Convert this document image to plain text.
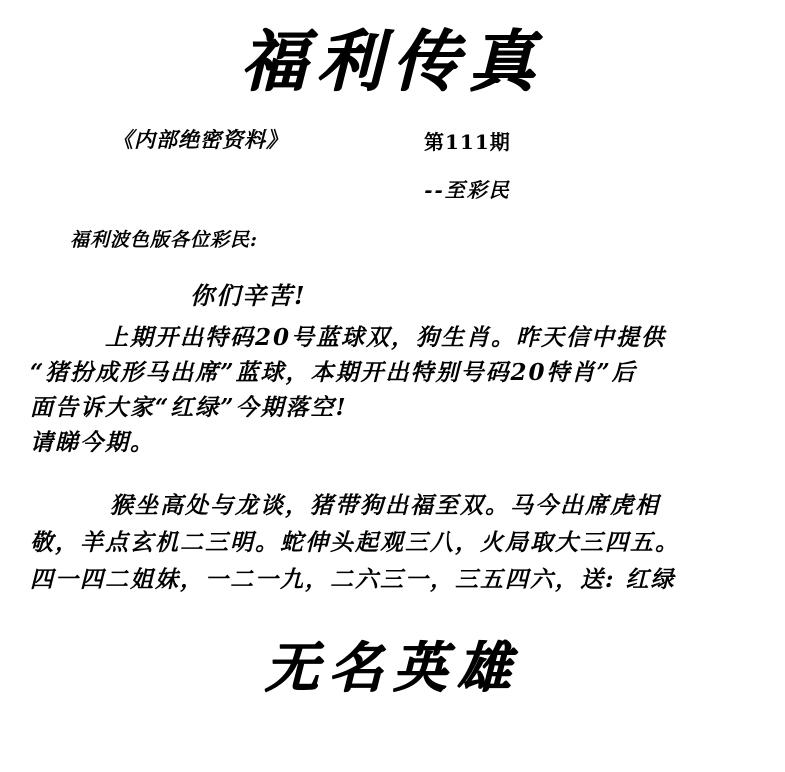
福利传真
《内部绝密资料》	第111期
--至彩民
福利波色版各位彩民:
你们辛苦!
上期开出特码20号蓝球双，狗生肖。昨天信中提供
“猪扮成形马出席”蓝球，本期开出特别号码20特肖”后
面告诉大家“红绿”今期落空!
请睇今期。
猴坐高处与龙谈，猪带狗出福至双。马今出席虎相
敬，羊点玄机二三明。蛇伸头起观三八，火局取大三四五。
四一四二姐妹，一二一九，二六三一，三五四六，送: 红绿
无名英雄
